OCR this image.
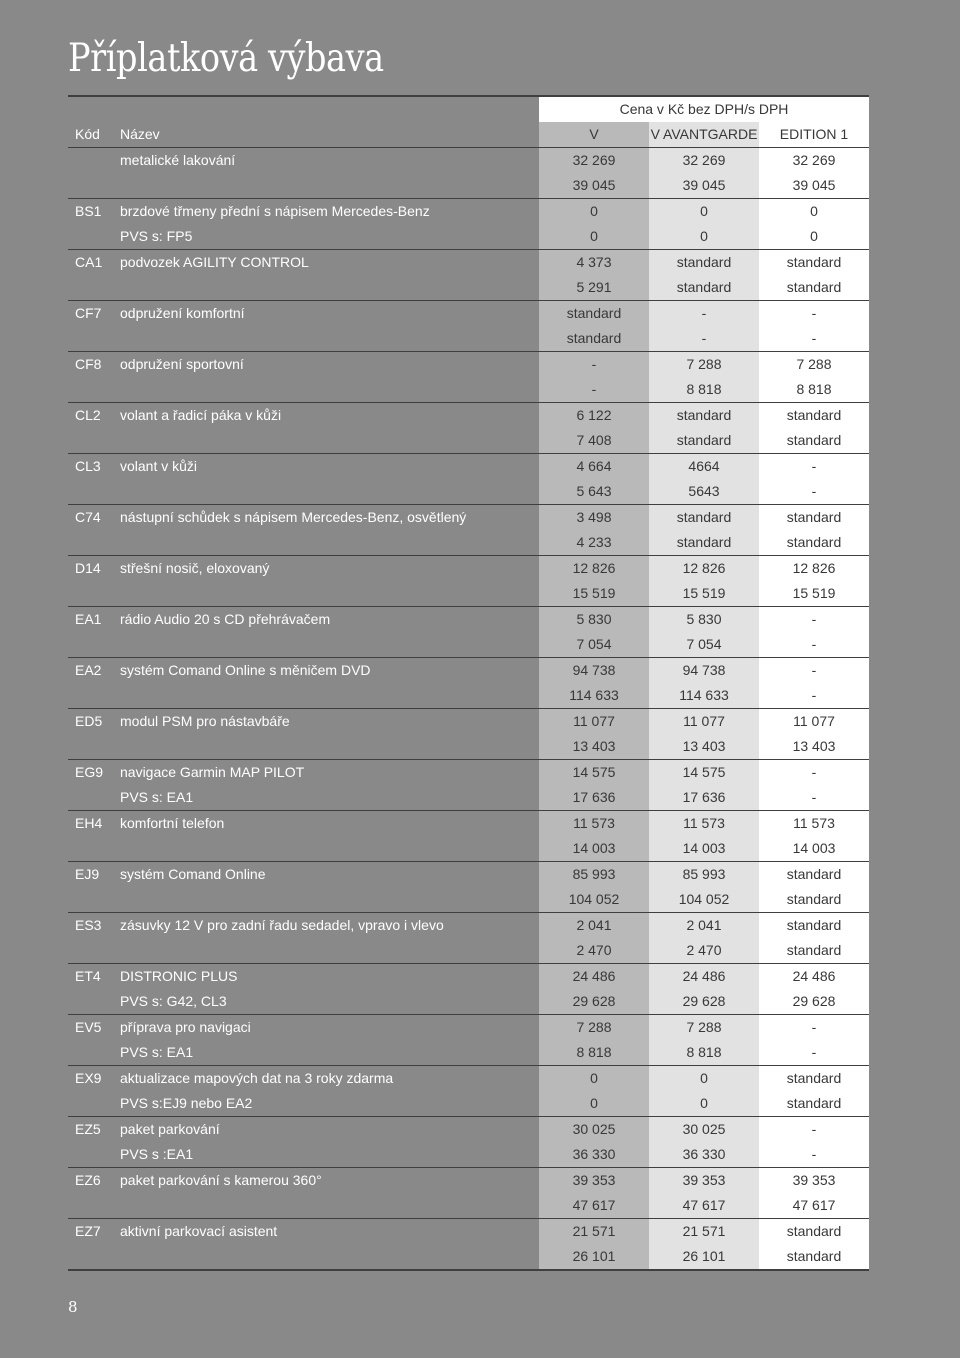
Příplatková výbava
		Cena v Kč bez DPH/s DPH		
Kód	Název	V	V AVANTGARDE	EDITION 1
	metalické lakování	32 269	32 269	32 269
		39 045	39 045	39 045
BS1	brzdové třmeny přední s nápisem Mercedes-Benz	0	0	0
	PVS s: FP5	0	0	0
CA1	podvozek AGILITY CONTROL	4 373	standard	standard
		5 291	standard	standard
CF7	odpružení komfortní	standard	-	-
		standard	-	-
CF8	odpružení sportovní	-	7 288	7 288
		-	8 818	8 818
CL2	volant a řadicí páka v kůži	6 122	standard	standard
		7 408	standard	standard
CL3	volant v kůži	4 664	4664	-
		5 643	5643	-
C74	nástupní schůdek s nápisem Mercedes-Benz, osvětlený	3 498	standard	standard
		4 233	standard	standard
D14	střešní nosič, eloxovaný	12 826	12 826	12 826
		15 519	15 519	15 519
EA1	rádio Audio 20 s CD přehrávačem	5 830	5 830	-
		7 054	7 054	-
EA2	systém Comand Online s měničem DVD	94 738	94 738	-
		114 633	114 633	-
ED5	modul PSM pro nástavbáře	11 077	11 077	11 077
		13 403	13 403	13 403
EG9	navigace Garmin MAP PILOT	14 575	14 575	-
	PVS s: EA1	17 636	17 636	-
EH4	komfortní telefon	11 573	11 573	11 573
		14 003	14 003	14 003
EJ9	systém Comand Online	85 993	85 993	standard
		104 052	104 052	standard
ES3	zásuvky 12 V pro zadní řadu sedadel, vpravo i vlevo	2 041	2 041	standard
		2 470	2 470	standard
ET4	DISTRONIC PLUS	24 486	24 486	24 486
	PVS s: G42, CL3	29 628	29 628	29 628
EV5	příprava pro navigaci	7 288	7 288	-
	PVS s: EA1	8 818	8 818	-
EX9	aktualizace mapových dat na 3 roky zdarma	0	0	standard
	PVS s:EJ9 nebo EA2	0	0	standard
EZ5	paket parkování	30 025	30 025	-
	PVS s :EA1	36 330	36 330	-
EZ6	paket parkování s kamerou 360°	39 353	39 353	39 353
		47 617	47 617	47 617
EZ7	aktivní parkovací asistent	21 571	21 571	standard
		26 101	26 101	standard
8
